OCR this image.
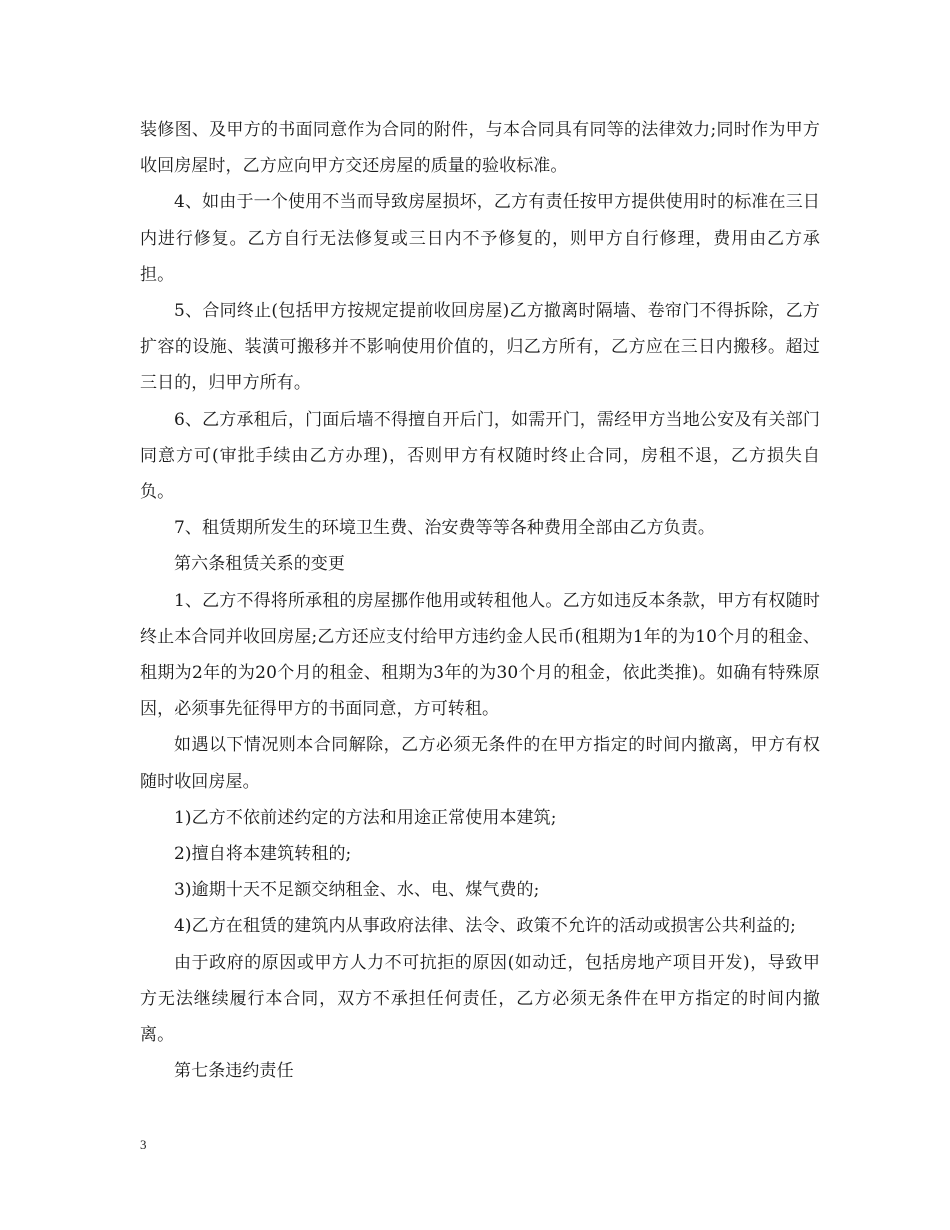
装修图、及甲方的书面同意作为合同的附件，与本合同具有同等的法律效力;同时作为甲方收回房屋时，乙方应向甲方交还房屋的质量的验收标准。

4、如由于一个使用不当而导致房屋损坏，乙方有责任按甲方提供使用时的标准在三日内进行修复。乙方自行无法修复或三日内不予修复的，则甲方自行修理，费用由乙方承担。

5、合同终止(包括甲方按规定提前收回房屋)乙方撤离时隔墙、卷帘门不得拆除，乙方扩容的设施、装潢可搬移并不影响使用价值的，归乙方所有，乙方应在三日内搬移。超过三日的，归甲方所有。

6、乙方承租后，门面后墙不得擅自开后门，如需开门，需经甲方当地公安及有关部门同意方可(审批手续由乙方办理)，否则甲方有权随时终止合同，房租不退，乙方损失自负。

7、租赁期所发生的环境卫生费、治安费等等各种费用全部由乙方负责。

第六条租赁关系的变更

1、乙方不得将所承租的房屋挪作他用或转租他人。乙方如违反本条款，甲方有权随时终止本合同并收回房屋;乙方还应支付给甲方违约金人民币(租期为1年的为10个月的租金、租期为2年的为20个月的租金、租期为3年的为30个月的租金，依此类推)。如确有特殊原因，必须事先征得甲方的书面同意，方可转租。

如遇以下情况则本合同解除，乙方必须无条件的在甲方指定的时间内撤离，甲方有权随时收回房屋。

1)乙方不依前述约定的方法和用途正常使用本建筑;

2)擅自将本建筑转租的;

3)逾期十天不足额交纳租金、水、电、煤气费的;

4)乙方在租赁的建筑内从事政府法律、法令、政策不允许的活动或损害公共利益的;

由于政府的原因或甲方人力不可抗拒的原因(如动迁，包括房地产项目开发)，导致甲方无法继续履行本合同，双方不承担任何责任，乙方必须无条件在甲方指定的时间内撤离。

第七条违约责任

3
